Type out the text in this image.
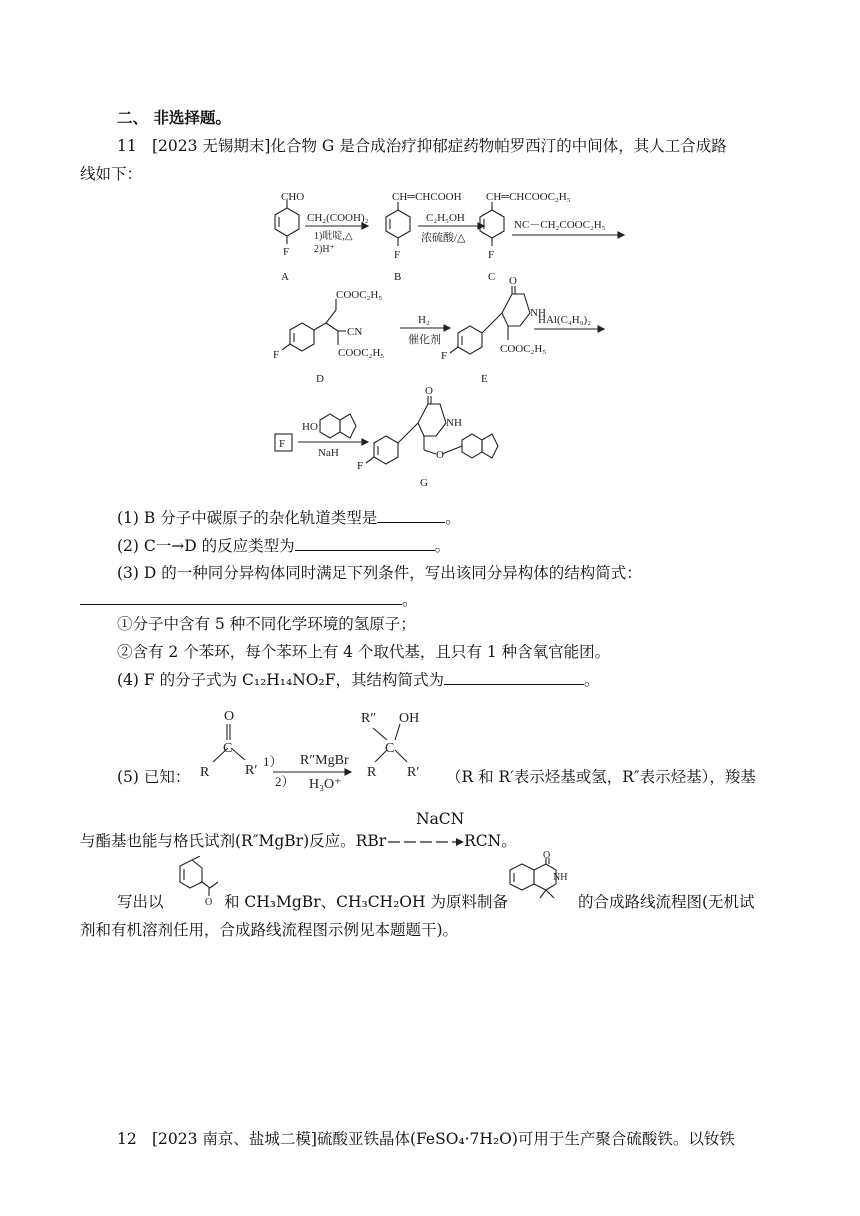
二、 非选择题。
11 [2023 无锡期末]化合物 G 是合成治疗抑郁症药物帕罗西汀的中间体，其人工合成路
线如下：
CHO
F
A
CH₂(COOH)₂
1)吡啶,△
2)H⁺
CH═CHCOOH
F
B
C₂H₅OH
浓硫酸/△
CH═CHCOOC₂H₅
F
C
NC－CH₂COOC₂H₅
COOC₂H₅
CN
COOC₂H₅
F
D
H₂
催化剂
O
NH
COOC₂H₅
F
E
HAl(C₄H₉)₂
F
HO
NaH
O
NH
O
F
G
(1) B 分子中碳原子的杂化轨道类型是	。
(2) C一→D 的反应类型为	。
(3) D 的一种同分异构体同时满足下列条件，写出该同分异构体的结构简式：
。
①分子中含有 5 种不同化学环境的氢原子；
②含有 2 个苯环，每个苯环上有 4 个取代基，且只有 1 种含氧官能团。
(4) F 的分子式为 C₁₂H₁₄NO₂F，其结构简式为	。
(5) 已知：
O
C
R	R′
1） R″MgBr
2） H₃O⁺
R″ OH
C
R R′ （R 和 R′表示烃基或氢，R″表示烃基），羧基
NaCN
与酯基也能与格氏试剂(R″MgBr)反应。RBr	RCN。
写出以	O 和 CH₃MgBr、CH₃CH₂OH 为原料制备
O
NH
的合成路线流程图(无机试
剂和有机溶剂任用，合成路线流程图示例见本题题干)。
12 [2023 南京、盐城二模]硫酸亚铁晶体(FeSO₄·7H₂O)可用于生产聚合硫酸铁。以钕铁
